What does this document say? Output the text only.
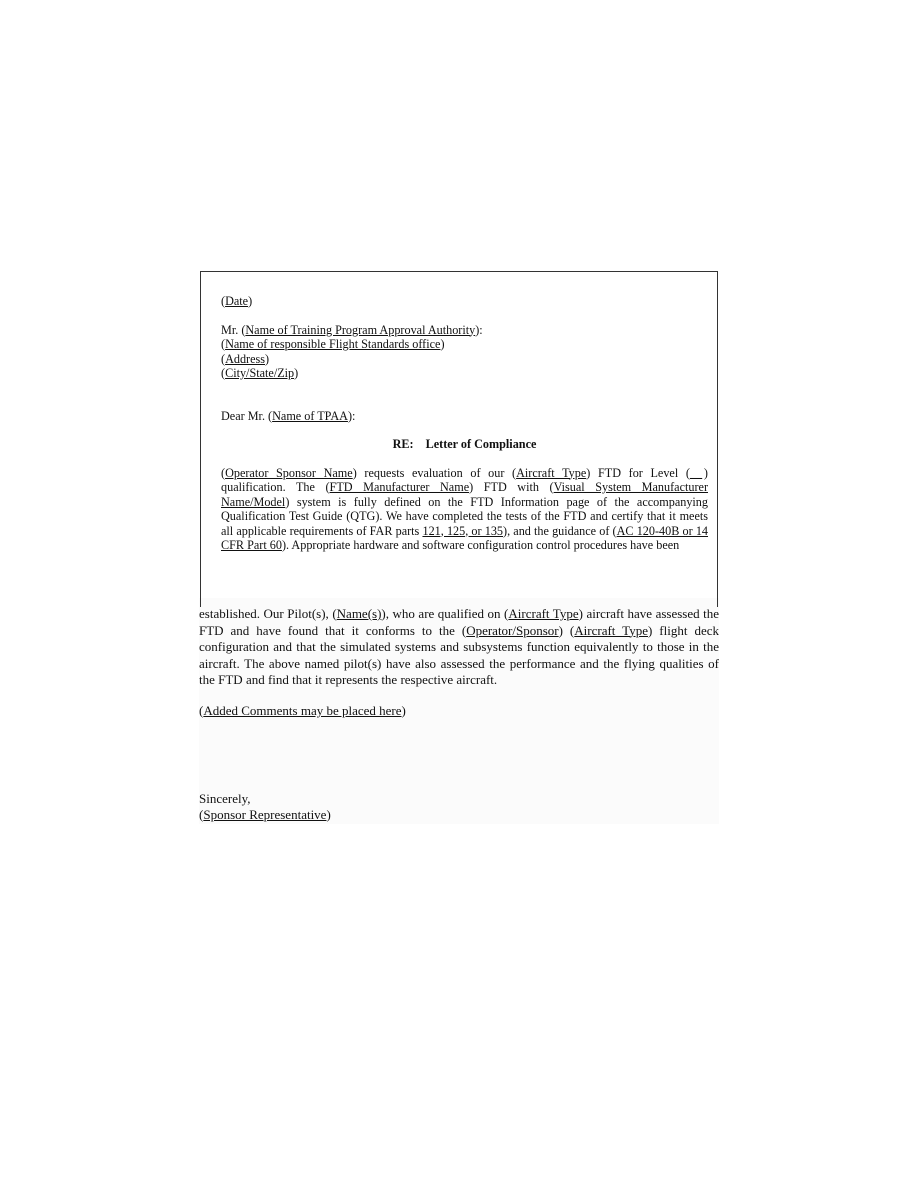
(Date)

Mr. (Name of Training Program Approval Authority):

(Name of responsible Flight Standards office)

(Address)

(City/State/Zip)

Dear Mr. (Name of TPAA):

RE: Letter of Compliance

(Operator Sponsor Name) requests evaluation of our (Aircraft Type) FTD for Level (__ ) qualification. The (FTD Manufacturer Name) FTD with (Visual System Manufacturer Name/Model) system is fully defined on the FTD Information page of the accompanying Qualification Test Guide (QTG). We have completed the tests of the FTD and certify that it meets all applicable requirements of FAR parts 121, 125, or 135), and the guidance of (AC 120-40B or 14 CFR Part 60). Appropriate hardware and software configuration control procedures have been

established. Our Pilot(s), (Name(s)), who are qualified on (Aircraft Type) aircraft have assessed the FTD and have found that it conforms to the (Operator/Sponsor) (Aircraft Type) flight deck configuration and that the simulated systems and subsystems function equivalently to those in the aircraft. The above named pilot(s) have also assessed the performance and the flying qualities of the FTD and find that it represents the respective aircraft.

(Added Comments may be placed here)

Sincerely,

(Sponsor Representative)
